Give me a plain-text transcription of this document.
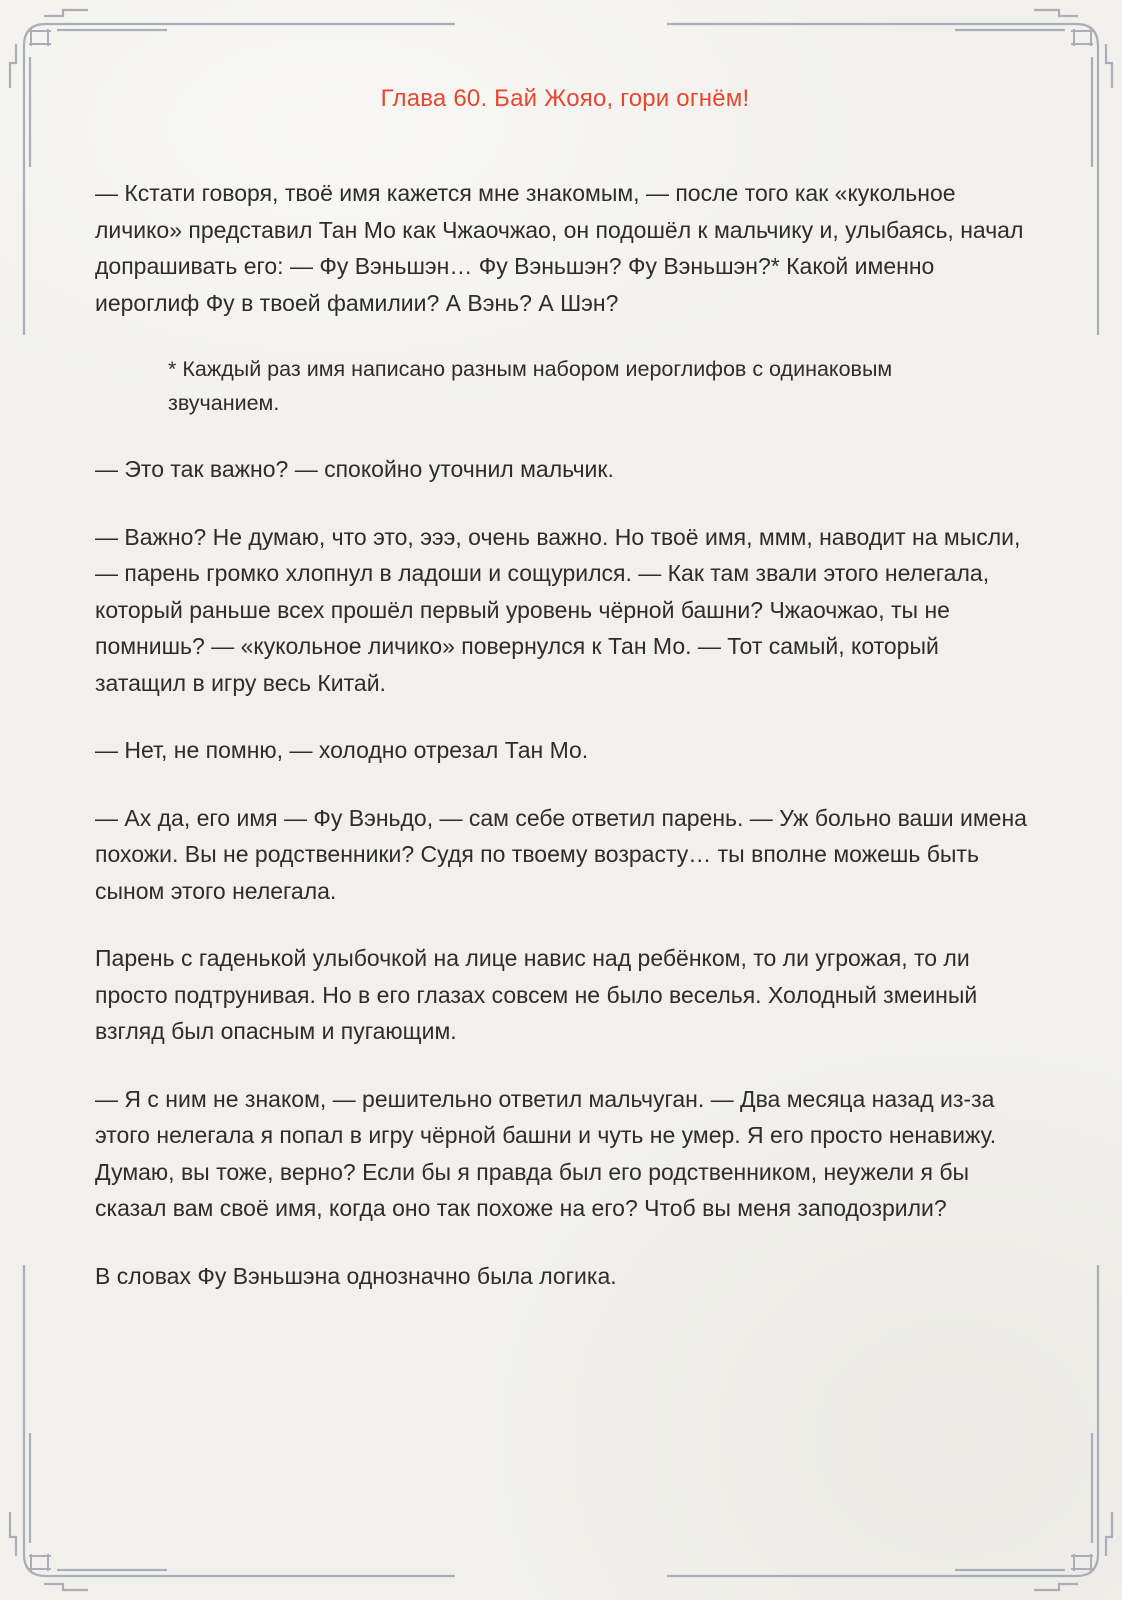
Глава 60. Бай Жояо, гори огнём!

— Кстати говоря, твоё имя кажется мне знакомым, — после того как «кукольное личико» представил Тан Мо как Чжаочжао, он подошёл к мальчику и, улыбаясь, начал допрашивать его: — Фу Вэньшэн… Фу Вэньшэн? Фу Вэньшэн?* Какой именно иероглиф Фу в твоей фамилии? А Вэнь? А Шэн?

* Каждый раз имя написано разным набором иероглифов с одинаковым звучанием.

— Это так важно? — спокойно уточнил мальчик.

— Важно? Не думаю, что это, эээ, очень важно. Но твоё имя, ммм, наводит на мысли, — парень громко хлопнул в ладоши и сощурился. — Как там звали этого нелегала, который раньше всех прошёл первый уровень чёрной башни? Чжаочжао, ты не помнишь? — «кукольное личико» повернулся к Тан Мо. — Тот самый, который затащил в игру весь Китай.

— Нет, не помню, — холодно отрезал Тан Мо.

— Ах да, его имя — Фу Вэньдо, — сам себе ответил парень. — Уж больно ваши имена похожи. Вы не родственники? Судя по твоему возрасту… ты вполне можешь быть сыном этого нелегала.

Парень с гаденькой улыбочкой на лице навис над ребёнком, то ли угрожая, то ли просто подтрунивая. Но в его глазах совсем не было веселья. Холодный змеиный взгляд был опасным и пугающим.

— Я с ним не знаком, — решительно ответил мальчуган. — Два месяца назад из-за этого нелегала я попал в игру чёрной башни и чуть не умер. Я его просто ненавижу. Думаю, вы тоже, верно? Если бы я правда был его родственником, неужели я бы сказал вам своё имя, когда оно так похоже на его? Чтоб вы меня заподозрили?

В словах Фу Вэньшэна однозначно была логика.
